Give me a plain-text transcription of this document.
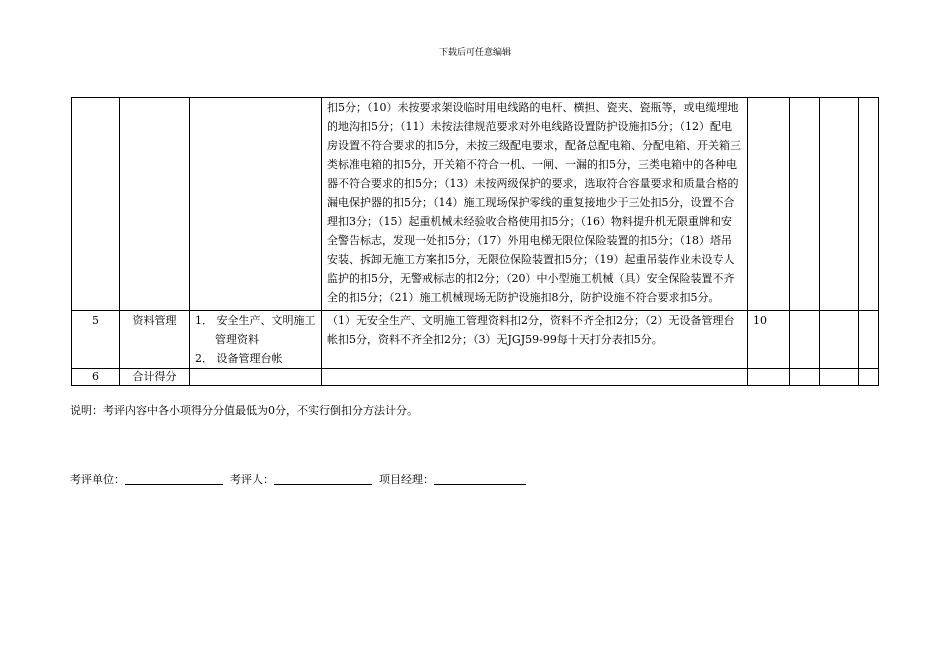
下载后可任意编辑
			扣5分；（10）未按要求架设临时用电线路的电杆、横担、瓷夹、瓷瓶等，或电缆埋地的地沟扣5分；（11）未按法律规范要求对外电线路设置防护设施扣5分；（12）配电房设置不符合要求的扣5分，未按三级配电要求，配备总配电箱、分配电箱、开关箱三类标准电箱的扣5分，开关箱不符合一机、一闸、一漏的扣5分，三类电箱中的各种电器不符合要求的扣5分；（13）未按两级保护的要求，选取符合容量要求和质量合格的漏电保护器的扣5分；（14）施工现场保护零线的重复接地少于三处扣5分，设置不合理扣3分；（15）起重机械未经验收合格使用扣5分；（16）物料提升机无限重牌和安全警告标志，发现一处扣5分；（17）外用电梯无限位保险装置的扣5分；（18）塔吊安装、拆卸无施工方案扣5分，无限位保险装置扣5分；（19）起重吊装作业未设专人监护的扣5分，无警戒标志的扣2分；（20）中小型施工机械（具）安全保险装置不齐全的扣5分；（21）施工机械现场无防护设施扣8分，防护设施不符合要求扣5分。				
5	资料管理	1． 安全生产、文明施工管理资料
2． 设备管理台帐	（1）无安全生产、文明施工管理资料扣2分，资料不齐全扣2分；（2）无设备管理台帐扣5分，资料不齐全扣2分；（3）无JGJ59-99每十天打分表扣5分。	10			
6	合计得分						
说明：考评内容中各小项得分分值最低为0分，不实行倒扣分方法计分。
考评单位：	考评人：	项目经理：
